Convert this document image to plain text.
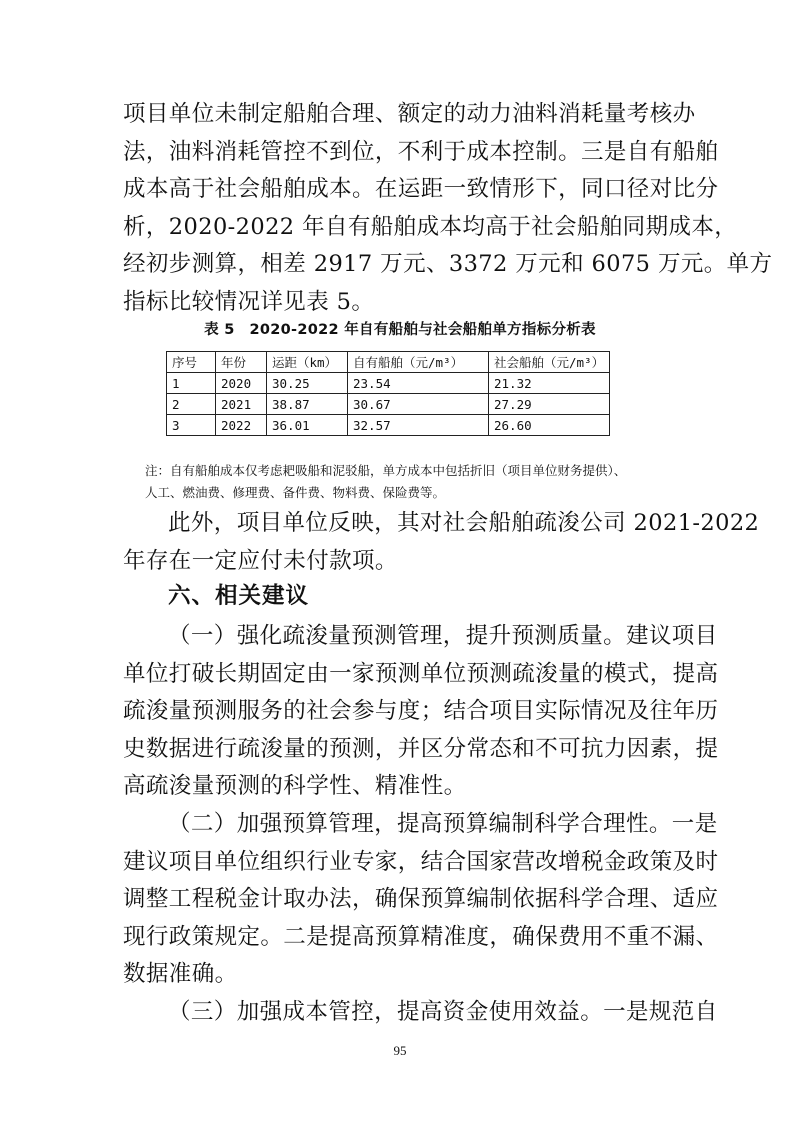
项目单位未制定船舶合理、额定的动力油料消耗量考核办
法，油料消耗管控不到位，不利于成本控制。三是自有船舶
成本高于社会船舶成本。在运距一致情形下，同口径对比分
析，2020-2022 年自有船舶成本均高于社会船舶同期成本，
经初步测算，相差 2917 万元、3372 万元和 6075 万元。单方
指标比较情况详见表 5。

表 5　2020-2022 年自有船舶与社会船舶单方指标分析表
序号	年份	运距（km）	自有船舶（元/m³）	社会船舶（元/m³）
1	2020	30.25	23.54	21.32
2	2021	38.87	30.67	27.29
3	2022	36.01	32.57	26.60
注：自有船舶成本仅考虑耙吸船和泥驳船，单方成本中包括折旧（项目单位财务提供）、
人工、燃油费、修理费、备件费、物料费、保险费等。

此外，项目单位反映，其对社会船舶疏浚公司 2021-2022
年存在一定应付未付款项。

六、相关建议

（一）强化疏浚量预测管理，提升预测质量。建议项目
单位打破长期固定由一家预测单位预测疏浚量的模式，提高
疏浚量预测服务的社会参与度；结合项目实际情况及往年历
史数据进行疏浚量的预测，并区分常态和不可抗力因素，提
高疏浚量预测的科学性、精准性。

（二）加强预算管理，提高预算编制科学合理性。一是
建议项目单位组织行业专家，结合国家营改增税金政策及时
调整工程税金计取办法，确保预算编制依据科学合理、适应
现行政策规定。二是提高预算精准度，确保费用不重不漏、
数据准确。

（三）加强成本管控，提高资金使用效益。一是规范自

95
